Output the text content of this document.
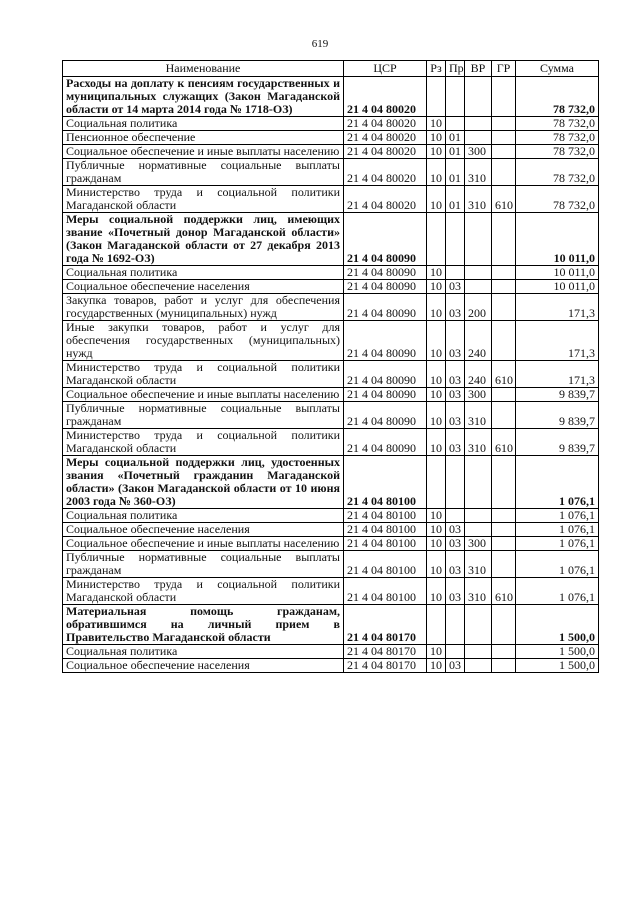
619
Наименование	ЦСР	Рз	Пр	ВР	ГР	Сумма
Расходы на доплату к пенсиям государственных и муниципальных служащих (Закон Магаданской области от 14 марта 2014 года № 1718-ОЗ)	21 4 04 80020					78 732,0
Социальная политика	21 4 04 80020	10				78 732,0
Пенсионное обеспечение	21 4 04 80020	10	01			78 732,0
Социальное обеспечение и иные выплаты населению	21 4 04 80020	10	01	300		78 732,0
Публичные нормативные социальные выплаты гражданам	21 4 04 80020	10	01	310		78 732,0
Министерство труда и социальной политики Магаданской области	21 4 04 80020	10	01	310	610	78 732,0
Меры социальной поддержки лиц, имеющих звание «Почетный донор Магаданской области» (Закон Магаданской области от 27 декабря 2013 года № 1692-ОЗ)	21 4 04 80090					10 011,0
Социальная политика	21 4 04 80090	10				10 011,0
Социальное обеспечение населения	21 4 04 80090	10	03			10 011,0
Закупка товаров, работ и услуг для обеспечения государственных (муниципальных) нужд	21 4 04 80090	10	03	200		171,3
Иные закупки товаров, работ и услуг для обеспечения государственных (муниципальных) нужд	21 4 04 80090	10	03	240		171,3
Министерство труда и социальной политики Магаданской области	21 4 04 80090	10	03	240	610	171,3
Социальное обеспечение и иные выплаты населению	21 4 04 80090	10	03	300		9 839,7
Публичные нормативные социальные выплаты гражданам	21 4 04 80090	10	03	310		9 839,7
Министерство труда и социальной политики Магаданской области	21 4 04 80090	10	03	310	610	9 839,7
Меры социальной поддержки лиц, удостоенных звания «Почетный гражданин Магаданской области» (Закон Магаданской области от 10 июня 2003 года № 360-ОЗ)	21 4 04 80100					1 076,1
Социальная политика	21 4 04 80100	10				1 076,1
Социальное обеспечение населения	21 4 04 80100	10	03			1 076,1
Социальное обеспечение и иные выплаты населению	21 4 04 80100	10	03	300		1 076,1
Публичные нормативные социальные выплаты гражданам	21 4 04 80100	10	03	310		1 076,1
Министерство труда и социальной политики Магаданской области	21 4 04 80100	10	03	310	610	1 076,1
Материальная помощь гражданам, обратившимся на личный прием в Правительство Магаданской области	21 4 04 80170					1 500,0
Социальная политика	21 4 04 80170	10				1 500,0
Социальное обеспечение населения	21 4 04 80170	10	03			1 500,0
